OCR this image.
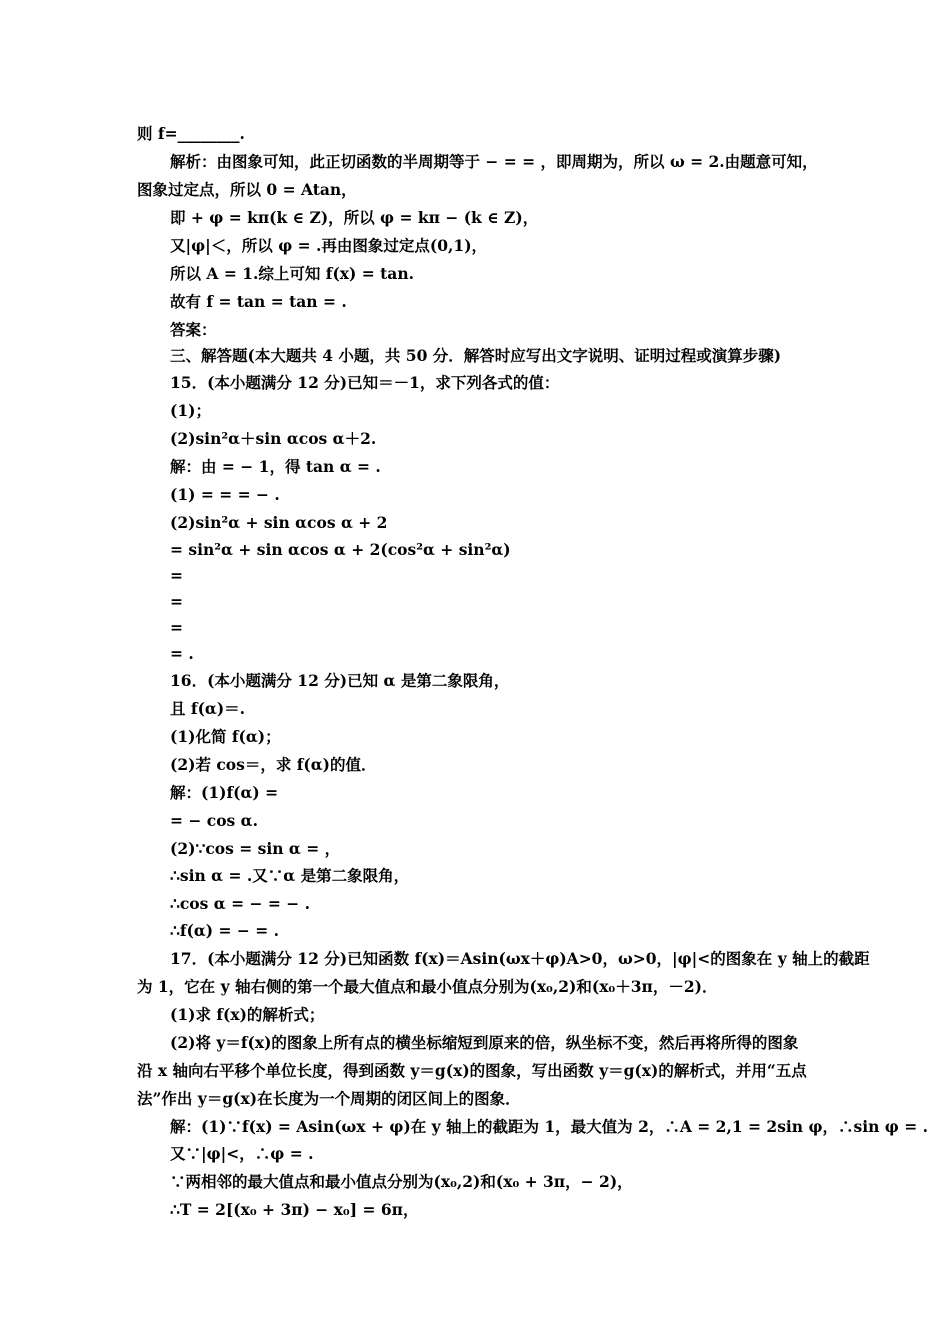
则 f=________.
解析：由图象可知，此正切函数的半周期等于 − = = ，即周期为，所以 ω = 2.由题意可知，
图象过定点，所以 0 = Atan，
即 + φ = kπ(k ∈ Z)，所以 φ = kπ − (k ∈ Z)，
又|φ|＜，所以 φ = .再由图象过定点(0,1)，
所以 A = 1.综上可知 f(x) = tan.
故有 f = tan = tan = .
答案：
三、解答题(本大题共 4 小题，共 50 分．解答时应写出文字说明、证明过程或演算步骤)
15．(本小题满分 12 分)已知＝－1，求下列各式的值：
(1)；
(2)sin²α＋sin αcos α＋2.
解：由 = − 1，得 tan α = .
(1) = = = − .
(2)sin²α + sin αcos α + 2
= sin²α + sin αcos α + 2(cos²α + sin²α)
=
=
=
= .
16．(本小题满分 12 分)已知 α 是第二象限角，
且 f(α)＝.
(1)化简 f(α)；
(2)若 cos＝，求 f(α)的值．
解：(1)f(α) =
= − cos α.
(2)∵cos = sin α = ，
∴sin α = .又∵α 是第二象限角，
∴cos α = − = − .
∴f(α) = − = .
17．(本小题满分 12 分)已知函数 f(x)＝Asin(ωx＋φ)A>0，ω>0，|φ|<的图象在 y 轴上的截距
为 1，它在 y 轴右侧的第一个最大值点和最小值点分别为(x₀,2)和(x₀＋3π，－2)．
(1)求 f(x)的解析式；
(2)将 y＝f(x)的图象上所有点的横坐标缩短到原来的倍，纵坐标不变，然后再将所得的图象
沿 x 轴向右平移个单位长度，得到函数 y＝g(x)的图象，写出函数 y＝g(x)的解析式，并用“五点
法”作出 y＝g(x)在长度为一个周期的闭区间上的图象．
解：(1)∵f(x) = Asin(ωx + φ)在 y 轴上的截距为 1，最大值为 2，∴A = 2,1 = 2sin φ，∴sin φ = .
又∵|φ|<，∴φ = .
∵两相邻的最大值点和最小值点分别为(x₀,2)和(x₀ + 3π，− 2)，
∴T = 2[(x₀ + 3π) − x₀] = 6π，
